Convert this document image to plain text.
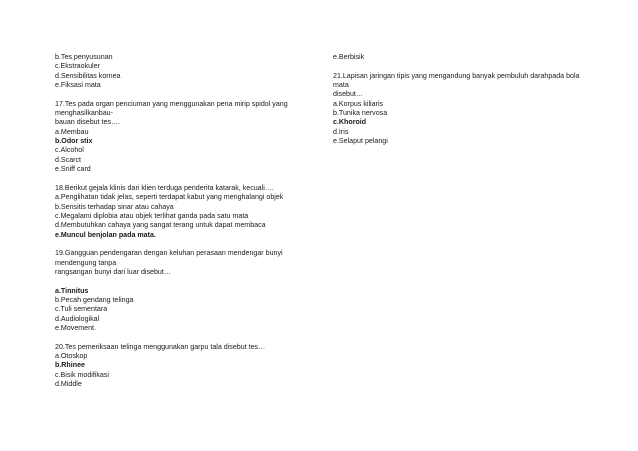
b.Tes penyusunan
c.Ekstraokuler
d.Sensibilitas kornea
e.Fiksasi mata
17.Tes pada organ penciuman yang menggunakan pena mirip spidol yang
menghasilkanbau-
bauan disebut tes….
a.Membau
b.Odor stix
c.Alcohol
d.Scarct
e.Sniff card
18.Berikut gejala klinis dari klien terduga penderita katarak, kecuali….
a.Penglihatan tidak jelas, seperti terdapat kabut yang menghalangi objek
b.Sensitis terhadap sinar atau cahaya
c.Megalami diplobia atau objek terlihat ganda pada satu mata
d.Membutuhkan cahaya yang sangat terang untuk dapat membaca
e.Muncul benjolan pada mata.
19.Gangguan pendengaran dengan keluhan perasaan mendengar bunyi
mendengung tanpa
rangsangan bunyi dari luar disebut…
a.Tinnitus
b.Pecah gendang telinga
c.Tuli sementara
d.Audiologikal
e.Movement.
20.Tes pemeriksaan telinga menggunakan garpu tala disebut tes…
a.Otoskop
b.Rhinee
c.Bisik modifikasi
d.Middle
e.Berbisik
21.Lapisan jaringan tipis yang mengandung banyak pembuluh darahpada bola
mata
disebut…
a.Korpus kiliaris
b.Tunika nervosa
c.Khoroid
d.Iris
e.Selaput pelangi
